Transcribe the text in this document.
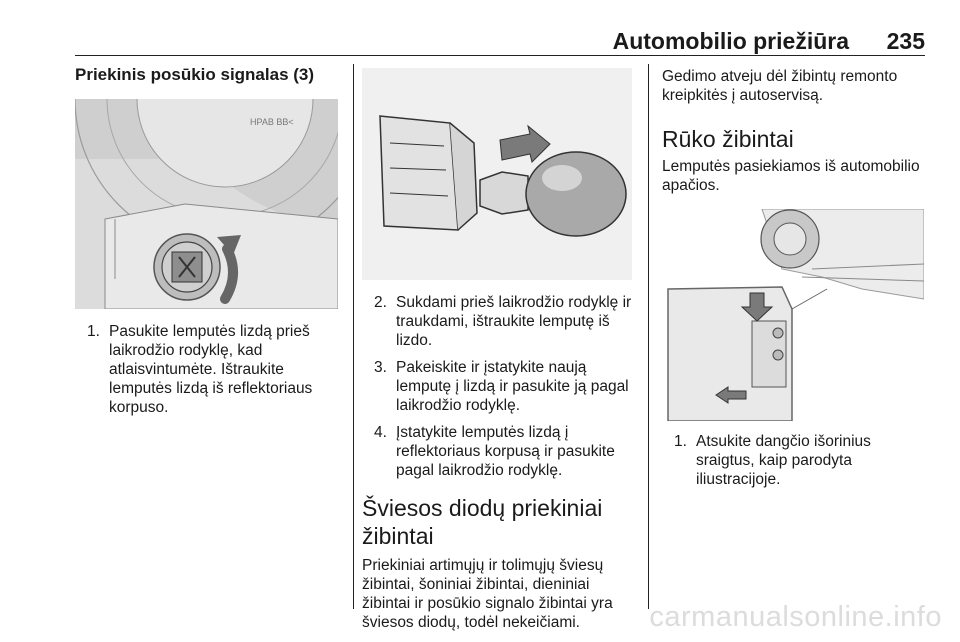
Automobilio priežiūra 235
Priekinis posūkio signalas (3)
HPAB BB<
1. Pasukite lemputės lizdą prieš laikrodžio rodyklę, kad atlaisvintumėte. Ištraukite lemputės lizdą iš reflektoriaus korpuso.
2. Sukdami prieš laikrodžio rodyklę ir traukdami, ištraukite lemputę iš lizdo.
3. Pakeiskite ir įstatykite naują lemputę į lizdą ir pasukite ją pagal laikrodžio rodyklę.
4. Įstatykite lemputės lizdą į reflektoriaus korpusą ir pasukite pagal laikrodžio rodyklę.
Šviesos diodų priekiniai žibintai
Priekiniai artimųjų ir tolimųjų šviesų žibintai, šoniniai žibintai, dieniniai žibintai ir posūkio signalo žibintai yra šviesos diodų, todėl nekeičiami.
Gedimo atveju dėl žibintų remonto kreipkitės į autoservisą.
Rūko žibintai
Lemputės pasiekiamos iš automobilio apačios.
1. Atsukite dangčio išorinius sraigtus, kaip parodyta iliustracijoje.
carmanualsonline.info
